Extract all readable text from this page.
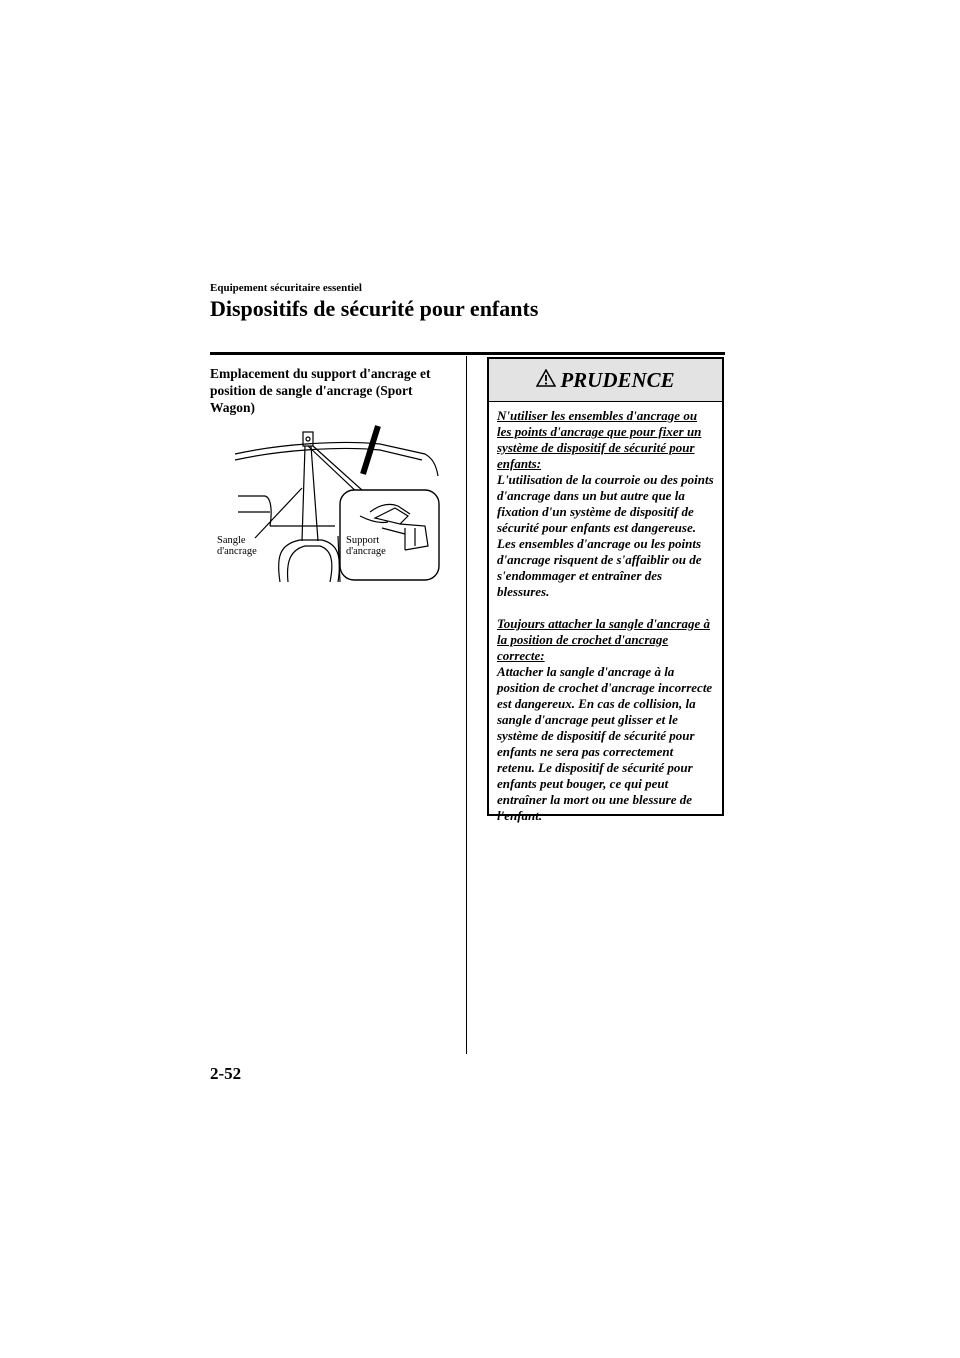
Equipement sécuritaire essentiel
Dispositifs de sécurité pour enfants
Emplacement du support d'ancrage et position de sangle d'ancrage (Sport Wagon)
Sangle
d'ancrage
Support
d'ancrage
PRUDENCE

N'utiliser les ensembles d'ancrage ou les points d'ancrage que pour fixer un système de dispositif de sécurité pour enfants:

L'utilisation de la courroie ou des points d'ancrage dans un but autre que la fixation d'un système de dispositif de sécurité pour enfants est dangereuse. Les ensembles d'ancrage ou les points d'ancrage risquent de s'affaiblir ou de s'endommager et entraîner des blessures.

Toujours attacher la sangle d'ancrage à la position de crochet d'ancrage correcte:

Attacher la sangle d'ancrage à la position de crochet d'ancrage incorrecte est dangereux. En cas de collision, la sangle d'ancrage peut glisser et le système de dispositif de sécurité pour enfants ne sera pas correctement retenu. Le dispositif de sécurité pour enfants peut bouger, ce qui peut entraîner la mort ou une blessure de l'enfant.

2-52
